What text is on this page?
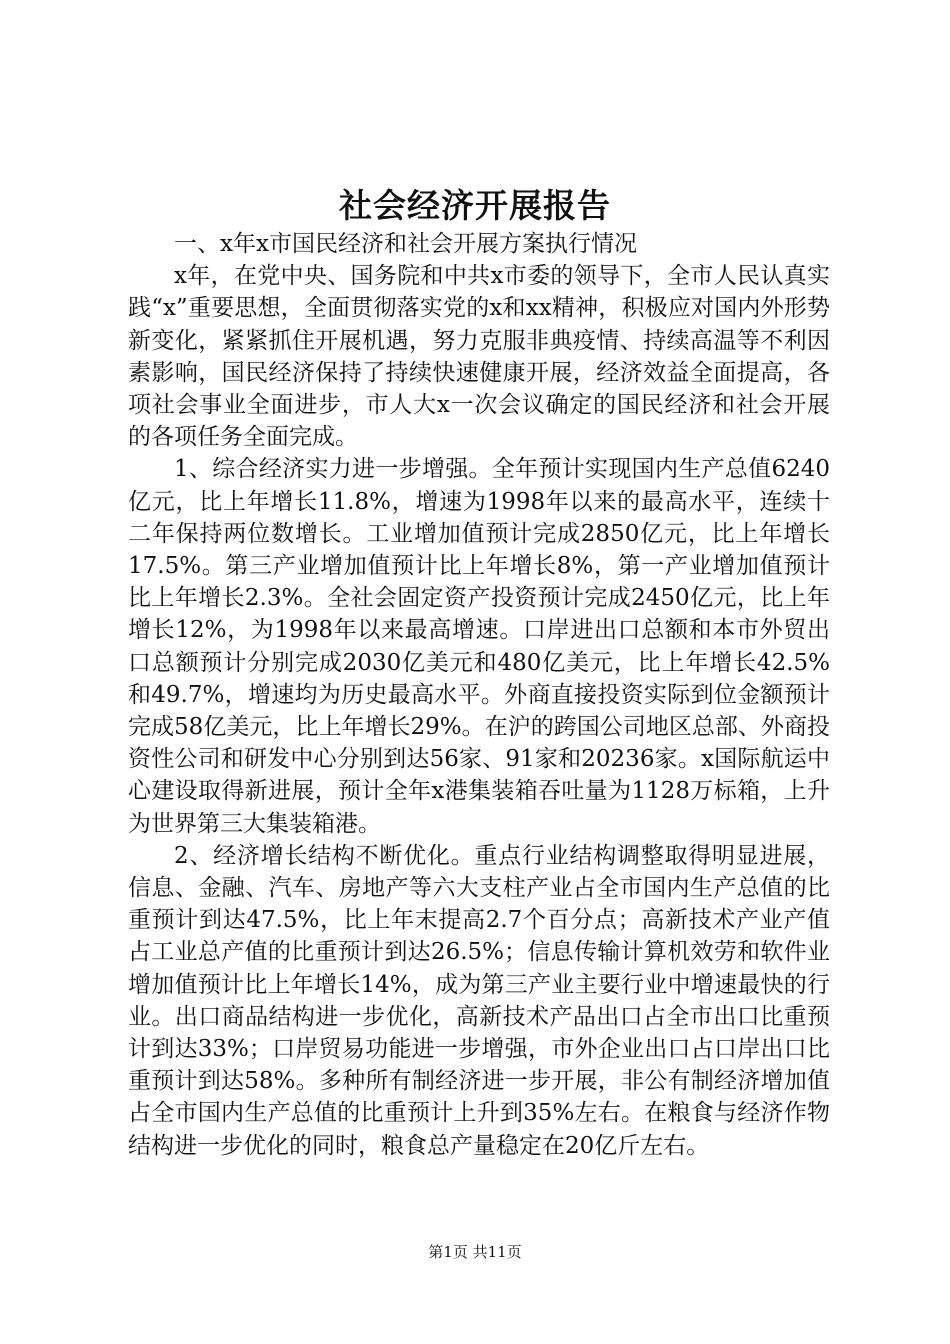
社会经济开展报告

一、x年x市国民经济和社会开展方案执行情况

x年，在党中央、国务院和中共x市委的领导下，全市人民认真实践“x”重要思想，全面贯彻落实党的x和xx精神，积极应对国内外形势新变化，紧紧抓住开展机遇，努力克服非典疫情、持续高温等不利因素影响，国民经济保持了持续快速健康开展，经济效益全面提高，各项社会事业全面进步，市人大x一次会议确定的国民经济和社会开展的各项任务全面完成。

1、综合经济实力进一步增强。全年预计实现国内生产总值6240亿元，比上年增长11.8%，增速为1998年以来的最高水平，连续十二年保持两位数增长。工业增加值预计完成2850亿元，比上年增长17.5%。第三产业增加值预计比上年增长8%，第一产业增加值预计比上年增长2.3%。全社会固定资产投资预计完成2450亿元，比上年增长12%，为1998年以来最高增速。口岸进出口总额和本市外贸出口总额预计分别完成2030亿美元和480亿美元，比上年增长42.5%和49.7%，增速均为历史最高水平。外商直接投资实际到位金额预计完成58亿美元，比上年增长29%。在沪的跨国公司地区总部、外商投资性公司和研发中心分别到达56家、91家和20236家。x国际航运中心建设取得新进展，预计全年x港集装箱吞吐量为1128万标箱，上升为世界第三大集装箱港。

2、经济增长结构不断优化。重点行业结构调整取得明显进展，信息、金融、汽车、房地产等六大支柱产业占全市国内生产总值的比重预计到达47.5%，比上年末提高2.7个百分点；高新技术产业产值占工业总产值的比重预计到达26.5%；信息传输计算机效劳和软件业增加值预计比上年增长14%，成为第三产业主要行业中增速最快的行业。出口商品结构进一步优化，高新技术产品出口占全市出口比重预计到达33%；口岸贸易功能进一步增强，市外企业出口占口岸出口比重预计到达58%。多种所有制经济进一步开展，非公有制经济增加值占全市国内生产总值的比重预计上升到35%左右。在粮食与经济作物结构进一步优化的同时，粮食总产量稳定在20亿斤左右。

第1页 共11页
